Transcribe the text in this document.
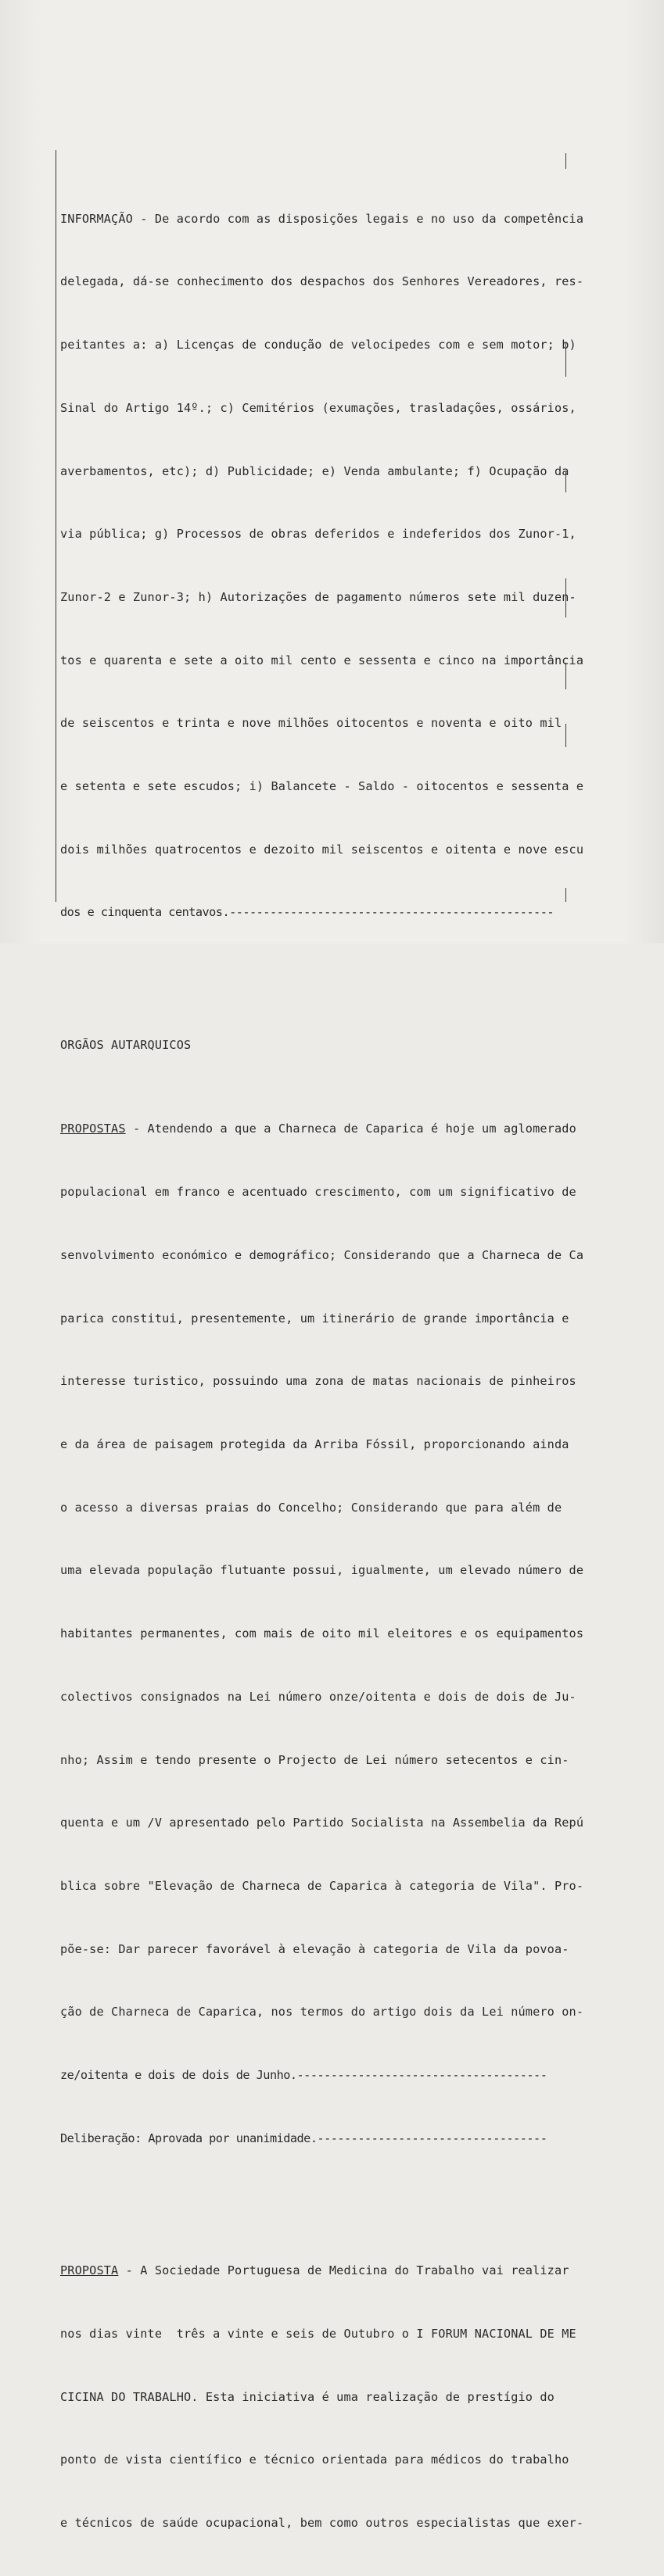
INFORMAÇÃO - De acordo com as disposições legais e no uso da competência

delegada, dá-se conhecimento dos despachos dos Senhores Vereadores, res-

peitantes a: a) Licenças de condução de velocipedes com e sem motor; b)

Sinal do Artigo 14º.; c) Cemitérios (exumações, trasladações, ossários,

averbamentos, etc); d) Publicidade; e) Venda ambulante; f) Ocupação da

via pública; g) Processos de obras deferidos e indeferidos dos Zunor-1,

Zunor-2 e Zunor-3; h) Autorizações de pagamento números sete mil duzen-

tos e quarenta e sete a oito mil cento e sessenta e cinco na importância

de seiscentos e trinta e nove milhões oitocentos e noventa e oito mil

e setenta e sete escudos; i) Balancete - Saldo - oitocentos e sessenta e

dois milhões quatrocentos e dezoito mil seiscentos e oitenta e nove escu

dos e cinquenta centavos.------------------------------------------------

ORGÃOS AUTARQUICOS

PROPOSTAS - Atendendo a que a Charneca de Caparica é hoje um aglomerado

populacional em franco e acentuado crescimento, com um significativo de

senvolvimento económico e demográfico; Considerando que a Charneca de Ca

parica constitui, presentemente, um itinerário de grande importância e

interesse turistico, possuindo uma zona de matas nacionais de pinheiros

e da área de paisagem protegida da Arriba Fóssil, proporcionando ainda

o acesso a diversas praias do Concelho; Considerando que para além de

uma elevada população flutuante possui, igualmente, um elevado número de

habitantes permanentes, com mais de oito mil eleitores e os equipamentos

colectivos consignados na Lei número onze/oitenta e dois de dois de Ju-

nho; Assim e tendo presente o Projecto de Lei número setecentos e cin-

quenta e um /V apresentado pelo Partido Socialista na Assembelia da Repú

blica sobre "Elevação de Charneca de Caparica à categoria de Vila". Pro-

põe-se: Dar parecer favorável à elevação à categoria de Vila da povoa-

ção de Charneca de Caparica, nos termos do artigo dois da Lei número on-

ze/oitenta e dois de dois de Junho.-------------------------------------

Deliberação: Aprovada por unanimidade.----------------------------------

PROPOSTA - A Sociedade Portuguesa de Medicina do Trabalho vai realizar

nos dias vinte  três a vinte e seis de Outubro o I FORUM NACIONAL DE ME

CICINA DO TRABALHO. Esta iniciativa é uma realização de prestígio do

ponto de vista científico e técnico orientada para médicos do trabalho

e técnicos de saúde ocupacional, bem como outros especialistas que exer-
